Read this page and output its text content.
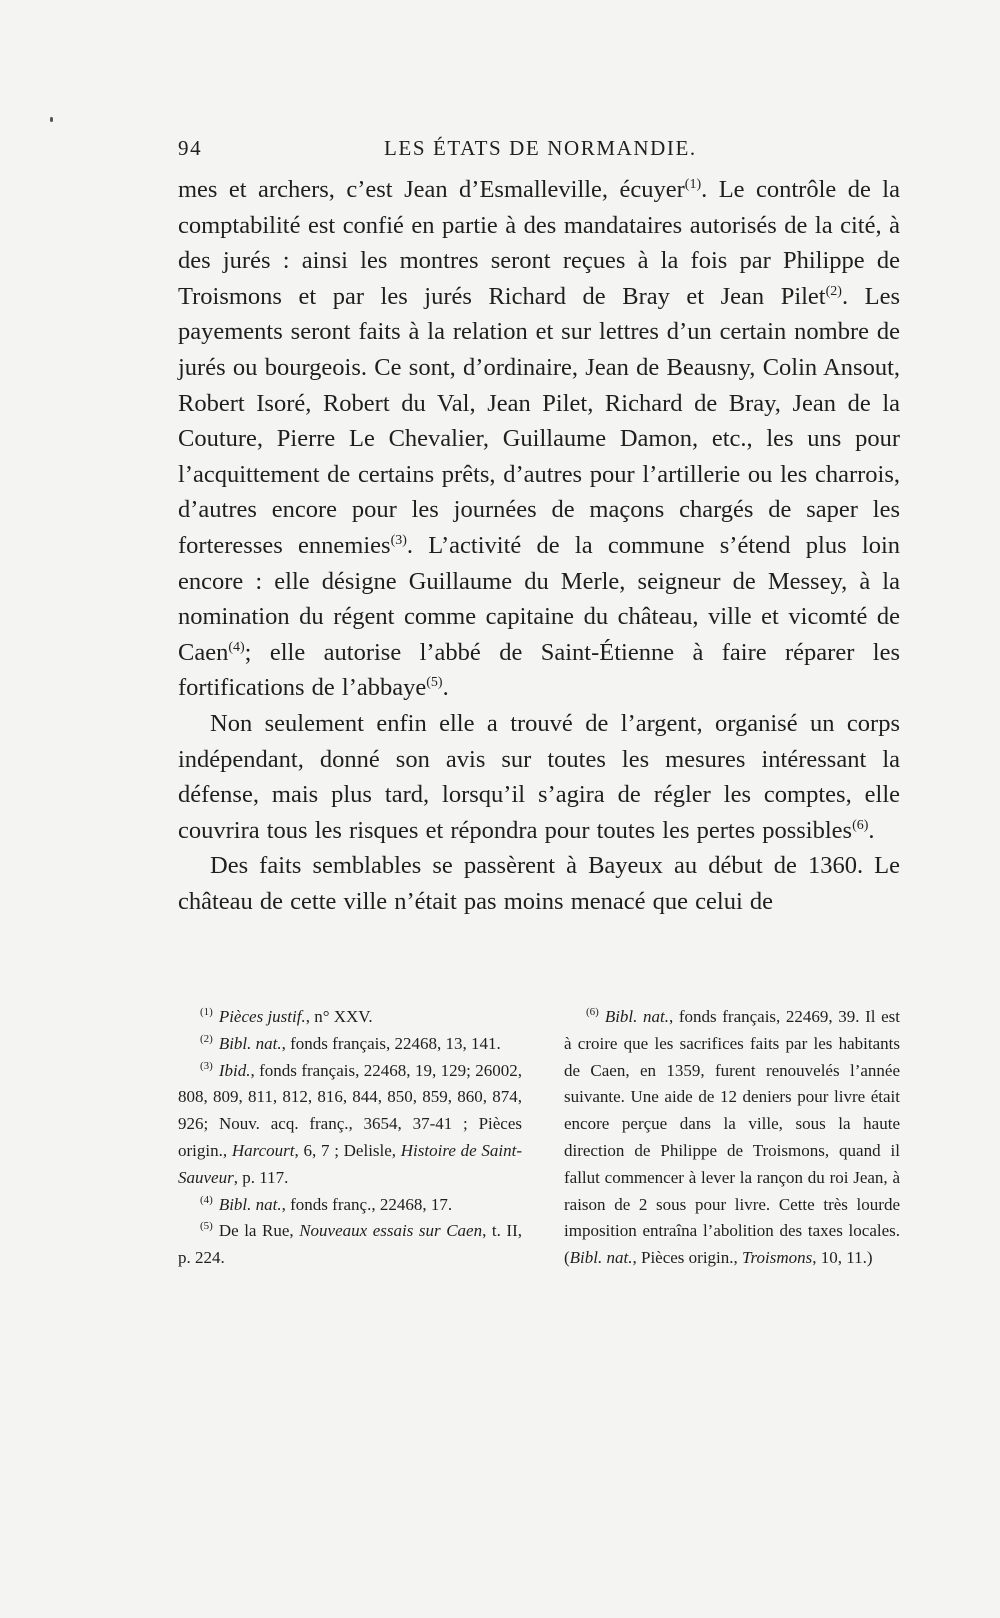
94	LES ÉTATS DE NORMANDIE.

mes et archers, c’est Jean d’Esmalleville, écuyer$^{(1)}$. Le contrôle de la comptabilité est confié en partie à des mandataires autorisés de la cité, à des jurés : ainsi les montres seront reçues à la fois par Philippe de Troismons et par les jurés Richard de Bray et Jean Pilet$^{(2)}$. Les payements seront faits à la relation et sur lettres d’un certain nombre de jurés ou bourgeois. Ce sont, d’ordinaire, Jean de Beausny, Colin Ansout, Robert Isoré, Robert du Val, Jean Pilet, Richard de Bray, Jean de la Couture, Pierre Le Chevalier, Guillaume Damon, etc., les uns pour l’acquittement de certains prêts, d’autres pour l’artillerie ou les charrois, d’autres encore pour les journées de maçons chargés de saper les forteresses ennemies$^{(3)}$. L’activité de la commune s’étend plus loin encore : elle désigne Guillaume du Merle, seigneur de Messey, à la nomination du régent comme capitaine du château, ville et vicomté de Caen$^{(4)}$; elle autorise l’abbé de Saint-Étienne à faire réparer les fortifications de l’abbaye$^{(5)}$.

Non seulement enfin elle a trouvé de l’argent, organisé un corps indépendant, donné son avis sur toutes les mesures intéressant la défense, mais plus tard, lorsqu’il s’agira de régler les comptes, elle couvrira tous les risques et répondra pour toutes les pertes possibles$^{(6)}$.

Des faits semblables se passèrent à Bayeux au début de 1360. Le château de cette ville n’était pas moins menacé que celui de

$^{(1)}$ Pièces justif., n° XXV.

$^{(2)}$ Bibl. nat., fonds français, 22468, 13, 141.

$^{(3)}$ Ibid., fonds français, 22468, 19, 129; 26002, 808, 809, 811, 812, 816, 844, 850, 859, 860, 874, 926; Nouv. acq. franç., 3654, 37-41 ; Pièces origin., Harcourt, 6, 7 ; Delisle, Histoire de Saint-Sauveur, p. 117.

$^{(4)}$ Bibl. nat., fonds franç., 22468, 17.

$^{(5)}$ De la Rue, Nouveaux essais sur Caen, t. II, p. 224.

$^{(6)}$ Bibl. nat., fonds français, 22469, 39. Il est à croire que les sacrifices faits par les habitants de Caen, en 1359, furent renouvelés l’année suivante. Une aide de 12 deniers pour livre était encore perçue dans la ville, sous la haute direction de Philippe de Troismons, quand il fallut commencer à lever la rançon du roi Jean, à raison de 2 sous pour livre. Cette très lourde imposition entraîna l’abolition des taxes locales. (Bibl. nat., Pièces origin., Troismons, 10, 11.)
